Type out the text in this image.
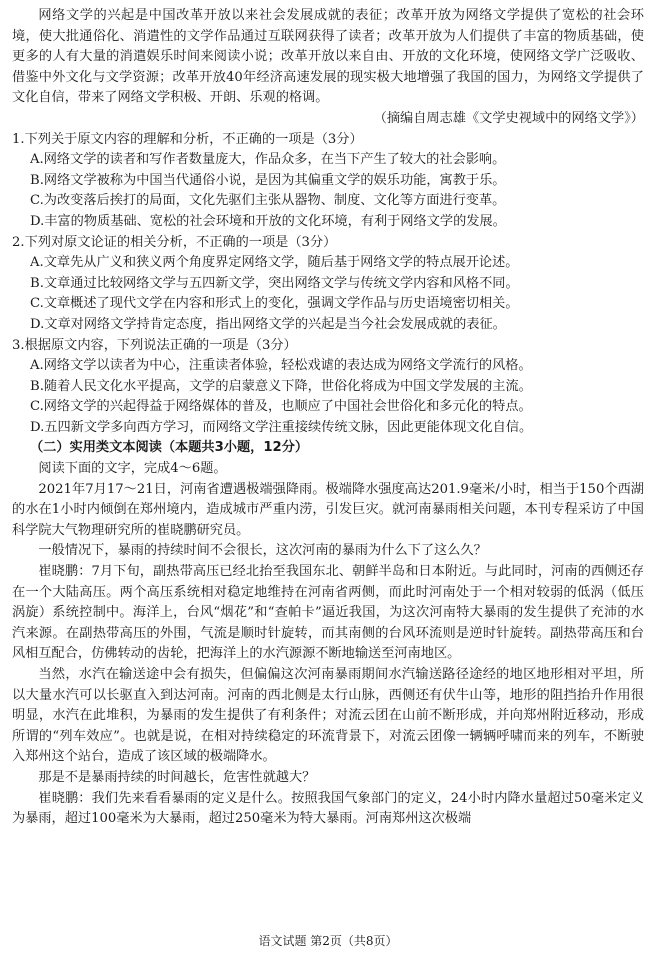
网络文学的兴起是中国改革开放以来社会发展成就的表征；改革开放为网络文学提供了宽松的社会环境，使大批通俗化、消遣性的文学作品通过互联网获得了读者；改革开放为人们提供了丰富的物质基础，使更多的人有大量的消遣娱乐时间来阅读小说；改革开放以来自由、开放的文化环境，使网络文学广泛吸收、借鉴中外文化与文学资源；改革开放40年经济高速发展的现实极大地增强了我国的国力，为网络文学提供了文化自信，带来了网络文学积极、开朗、乐观的格调。

（摘编自周志雄《文学史视域中的网络文学》）

1.下列关于原文内容的理解和分析，不正确的一项是（3分）

A.网络文学的读者和写作者数量庞大，作品众多，在当下产生了较大的社会影响。

B.网络文学被称为中国当代通俗小说，是因为其偏重文学的娱乐功能，寓教于乐。

C.为改变落后挨打的局面，文化先驱们主张从器物、制度、文化等方面进行变革。

D.丰富的物质基础、宽松的社会环境和开放的文化环境，有利于网络文学的发展。

2.下列对原文论证的相关分析，不正确的一项是（3分）

A.文章先从广义和狭义两个角度界定网络文学，随后基于网络文学的特点展开论述。

B.文章通过比较网络文学与五四新文学，突出网络文学与传统文学内容和风格不同。

C.文章概述了现代文学在内容和形式上的变化，强调文学作品与历史语境密切相关。

D.文章对网络文学持肯定态度，指出网络文学的兴起是当今社会发展成就的表征。

3.根据原文内容，下列说法正确的一项是（3分）

A.网络文学以读者为中心，注重读者体验，轻松戏谑的表达成为网络文学流行的风格。

B.随着人民文化水平提高，文学的启蒙意义下降，世俗化将成为中国文学发展的主流。

C.网络文学的兴起得益于网络媒体的普及，也顺应了中国社会世俗化和多元化的特点。

D.五四新文学多向西方学习，而网络文学注重接续传统文脉，因此更能体现文化自信。

（二）实用类文本阅读（本题共3小题，12分）

阅读下面的文字，完成4～6题。

2021年7月17～21日，河南省遭遇极端强降雨。极端降水强度高达201.9毫米/小时，相当于150个西湖的水在1小时内倾倒在郑州境内，造成城市严重内涝，引发巨灾。就河南暴雨相关问题，本刊专程采访了中国科学院大气物理研究所的崔晓鹏研究员。

一般情况下，暴雨的持续时间不会很长，这次河南的暴雨为什么下了这么久？

崔晓鹏：7月下旬，副热带高压已经北抬至我国东北、朝鲜半岛和日本附近。与此同时，河南的西侧还存在一个大陆高压。两个高压系统相对稳定地维持在河南省两侧，而此时河南处于一个相对较弱的低涡（低压涡旋）系统控制中。海洋上，台风“烟花”和“查帕卡”逼近我国，为这次河南特大暴雨的发生提供了充沛的水汽来源。在副热带高压的外围，气流是顺时针旋转，而其南侧的台风环流则是逆时针旋转。副热带高压和台风相互配合，仿佛转动的齿轮，把海洋上的水汽源源不断地输送至河南地区。

当然，水汽在输送途中会有损失，但偏偏这次河南暴雨期间水汽输送路径途经的地区地形相对平坦，所以大量水汽可以长驱直入到达河南。河南的西北侧是太行山脉，西侧还有伏牛山等，地形的阻挡抬升作用很明显，水汽在此堆积，为暴雨的发生提供了有利条件；对流云团在山前不断形成，并向郑州附近移动，形成所谓的“列车效应”。也就是说，在相对持续稳定的环流背景下，对流云团像一辆辆呼啸而来的列车，不断驶入郑州这个站台，造成了该区域的极端降水。

那是不是暴雨持续的时间越长，危害性就越大？

崔晓鹏：我们先来看看暴雨的定义是什么。按照我国气象部门的定义，24小时内降水量超过50毫米定义为暴雨，超过100毫米为大暴雨，超过250毫米为特大暴雨。河南郑州这次极端

语文试题 第2页（共8页）
